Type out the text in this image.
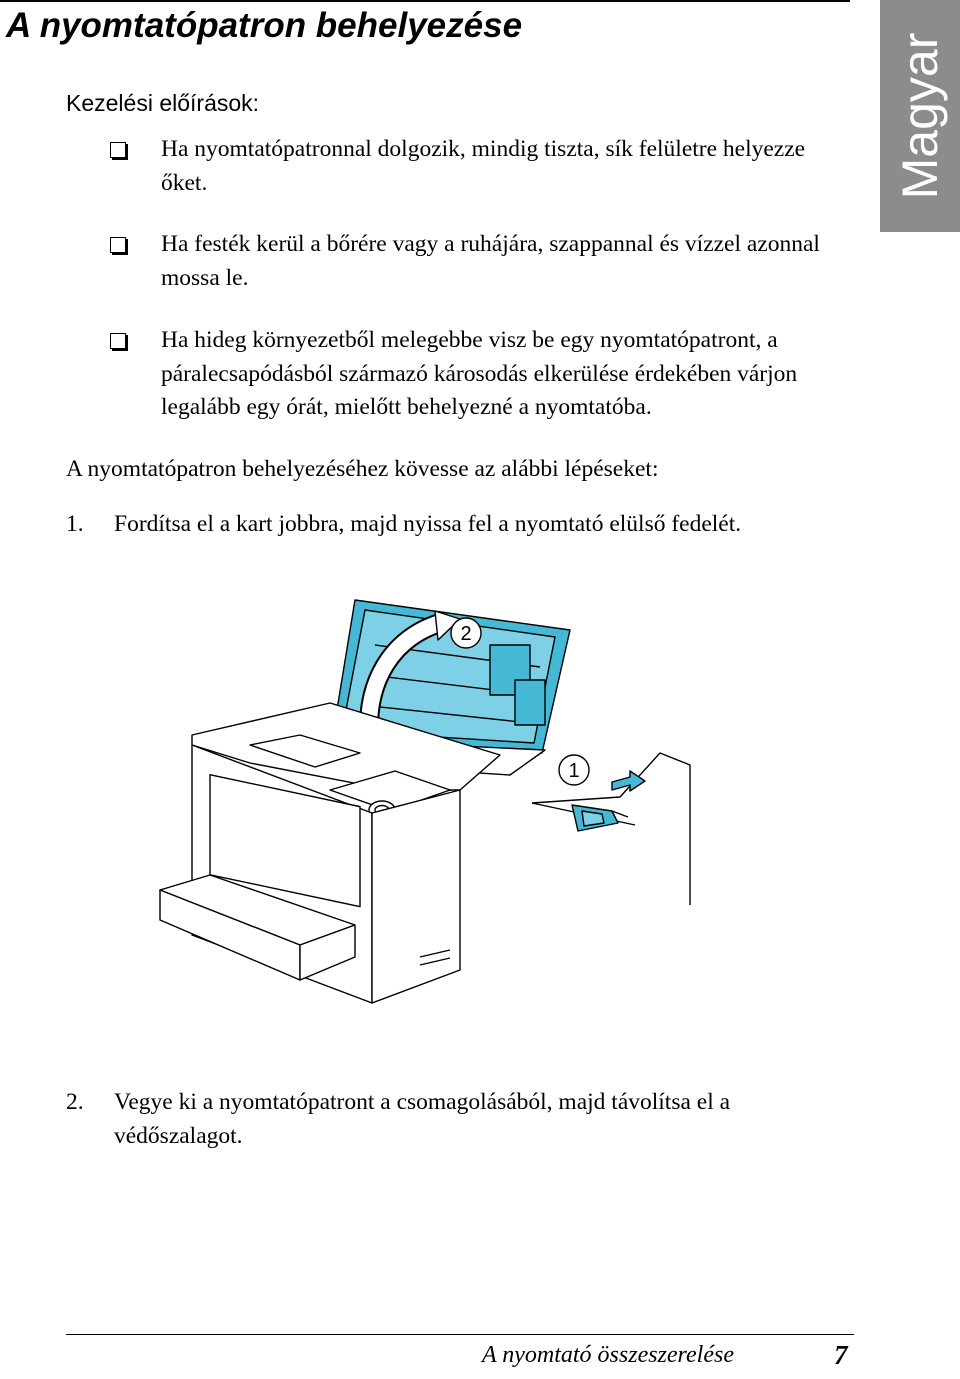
A nyomtatópatron behelyezése
Magyar
Kezelési előírások:
Ha nyomtatópatronnal dolgozik, mindig tiszta, sík felületre helyezze őket.
Ha festék kerül a bőrére vagy a ruhájára, szappannal és vízzel azonnal mossa le.
Ha hideg környezetből melegebbe visz be egy nyomtatópatront, a páralecsapódásból származó károsodás elkerülése érdekében várjon legalább egy órát, mielőtt behelyezné a nyomtatóba.
A nyomtatópatron behelyezéséhez kövesse az alábbi lépéseket:
1. Fordítsa el a kart jobbra, majd nyissa fel a nyomtató elülső fedelét.
2
1
2. Vegye ki a nyomtatópatront a csomagolásából, majd távolítsa el a védőszalagot.
A nyomtató összeszerelése	7
